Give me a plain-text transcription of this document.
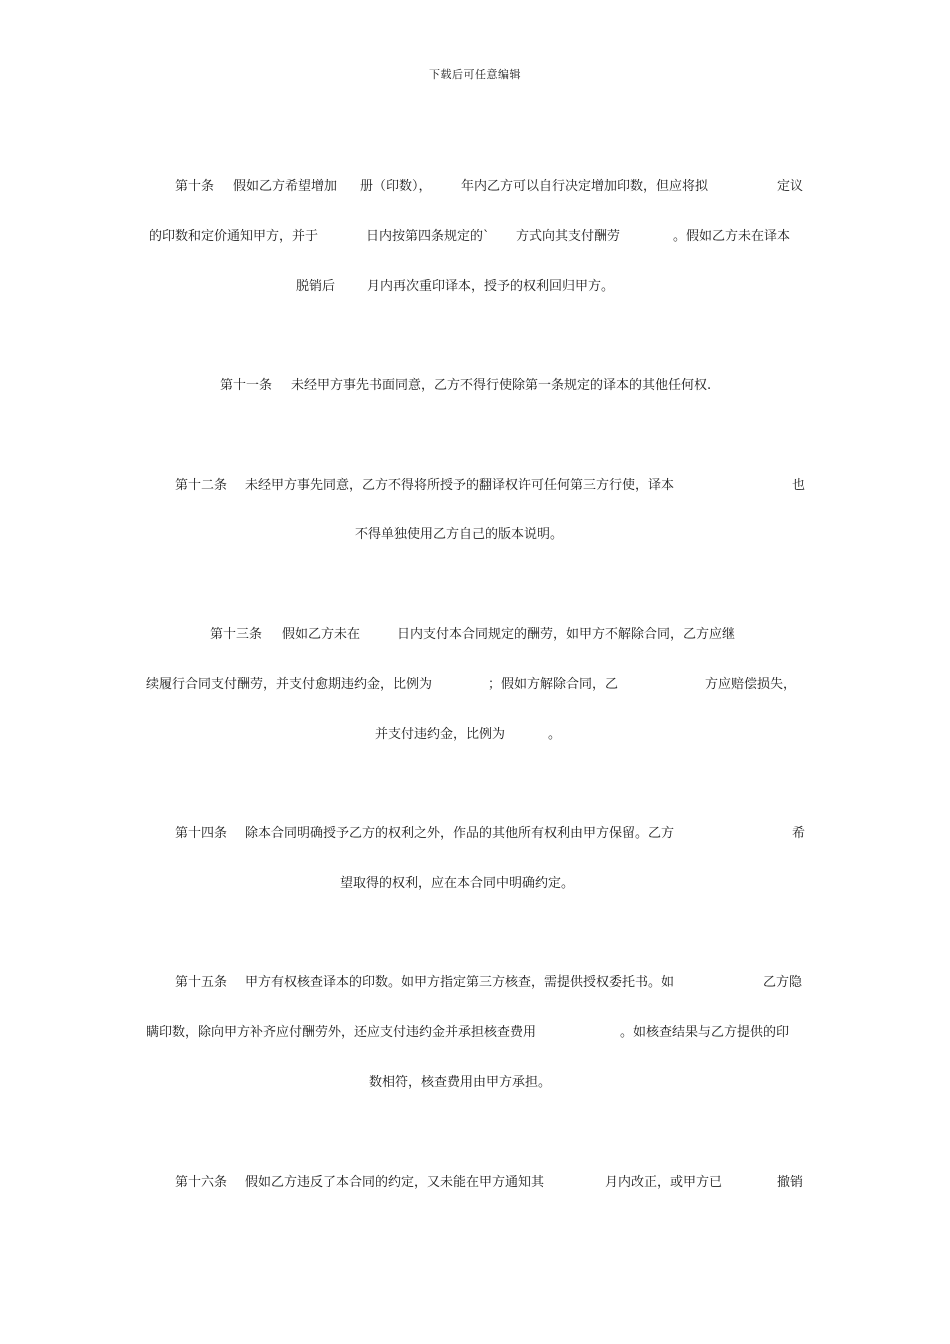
下载后可任意编辑
第十条 假如乙方希望增加 册（印数）， 年内乙方可以自行决定增加印数，但应将拟	定议
的印数和定价通知甲方，并于	日内按第四条规定的` 方式向其支付酬劳	。假如乙方未在译本
脱销后 月内再次重印译本，授予的权利回归甲方。
第十一条 未经甲方事先书面同意，乙方不得行使除第一条规定的译本的其他任何权.
第十二条 未经甲方事先同意，乙方不得将所授予的翻译权许可任何第三方行使，译本	也
不得单独使用乙方自己的版本说明。
第十三条 假如乙方未在	日内支付本合同规定的酬劳，如甲方不解除合同，乙方应继
续履行合同支付酬劳，并支付愈期违约金，比例为	；假如方解除合同，乙	方应赔偿损失，
并支付违约金，比例为	。
第十四条 除本合同明确授予乙方的权利之外，作品的其他所有权利由甲方保留。乙方	希
望取得的权利，应在本合同中明确约定。
第十五条 甲方有权核查译本的印数。如甲方指定第三方核查，需提供授权委托书。如	乙方隐
瞒印数，除向甲方补齐应付酬劳外，还应支付违约金并承担核查费用	。如核查结果与乙方提供的印
数相符，核查费用由甲方承担。
第十六条 假如乙方违反了本合同的约定，又未能在甲方通知其	月内改正，或甲方已	撤销
